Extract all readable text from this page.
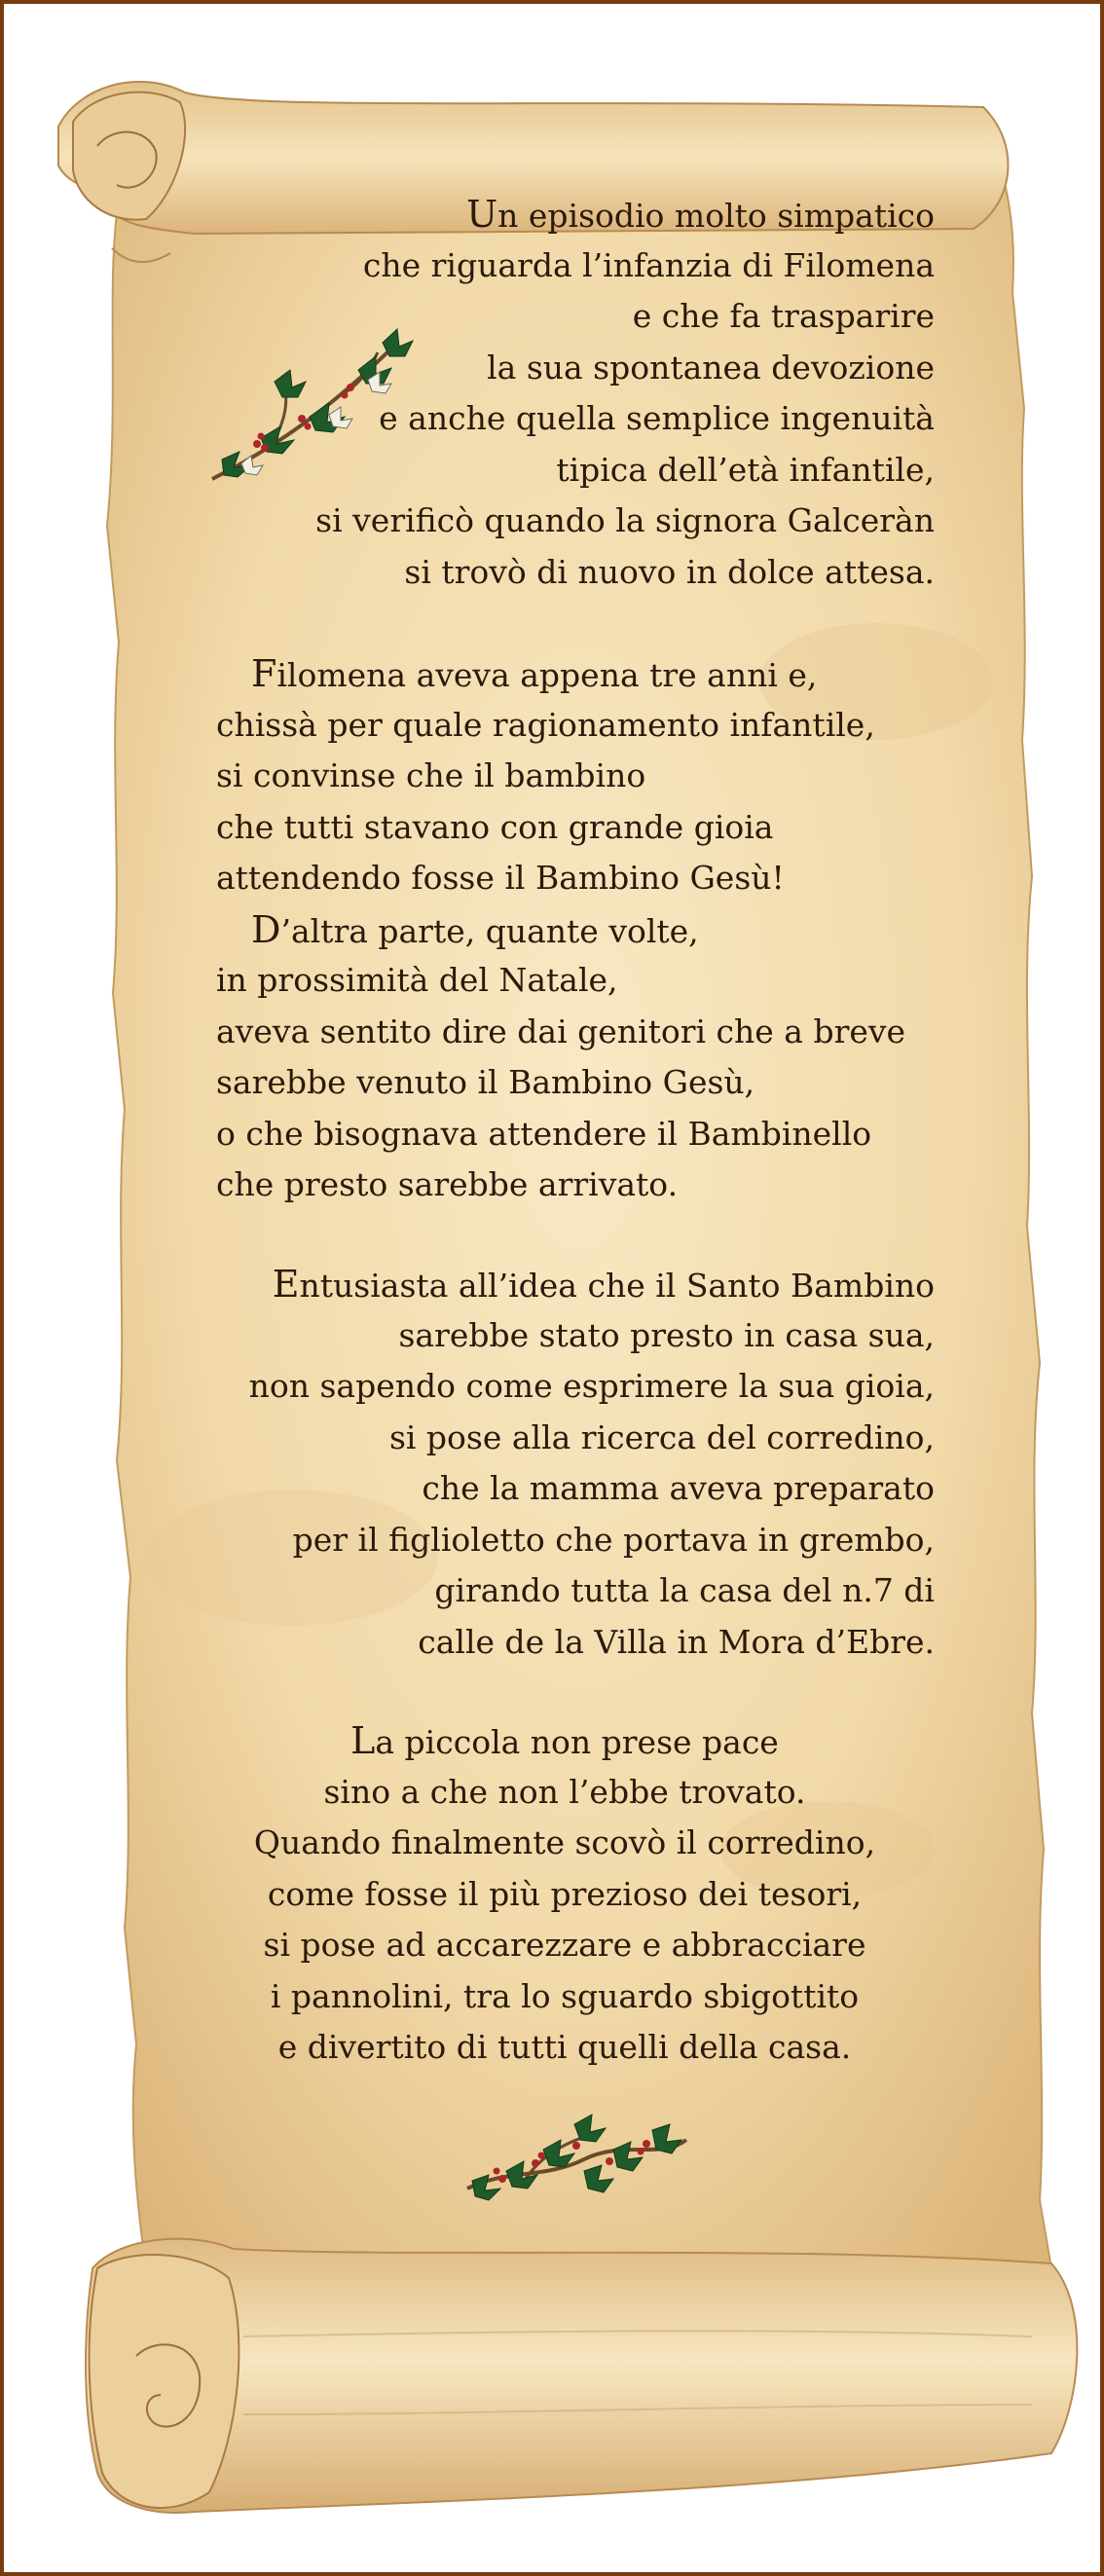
Un episodio molto simpatico
che riguarda l’infanzia di Filomena
e che fa trasparire
la sua spontanea devozione
e anche quella semplice ingenuità
tipica dell’età infantile,
si verificò quando la signora Galceràn
si trovò di nuovo in dolce attesa.
Filomena aveva appena tre anni e,
chissà per quale ragionamento infantile,
si convinse che il bambino
che tutti stavano con grande gioia
attendendo fosse il Bambino Gesù!
D’altra parte, quante volte,
in prossimità del Natale,
aveva sentito dire dai genitori che a breve
sarebbe venuto il Bambino Gesù,
o che bisognava attendere il Bambinello
che presto sarebbe arrivato.
Entusiasta all’idea che il Santo Bambino
sarebbe stato presto in casa sua,
non sapendo come esprimere la sua gioia,
si pose alla ricerca del corredino,
che la mamma aveva preparato
per il figlioletto che portava in grembo,
girando tutta la casa del n.7 di
calle de la Villa in Mora d’Ebre.
La piccola non prese pace
sino a che non l’ebbe trovato.
Quando finalmente scovò il corredino,
come fosse il più prezioso dei tesori,
si pose ad accarezzare e abbracciare
i pannolini, tra lo sguardo sbigottito
e divertito di tutti quelli della casa.
